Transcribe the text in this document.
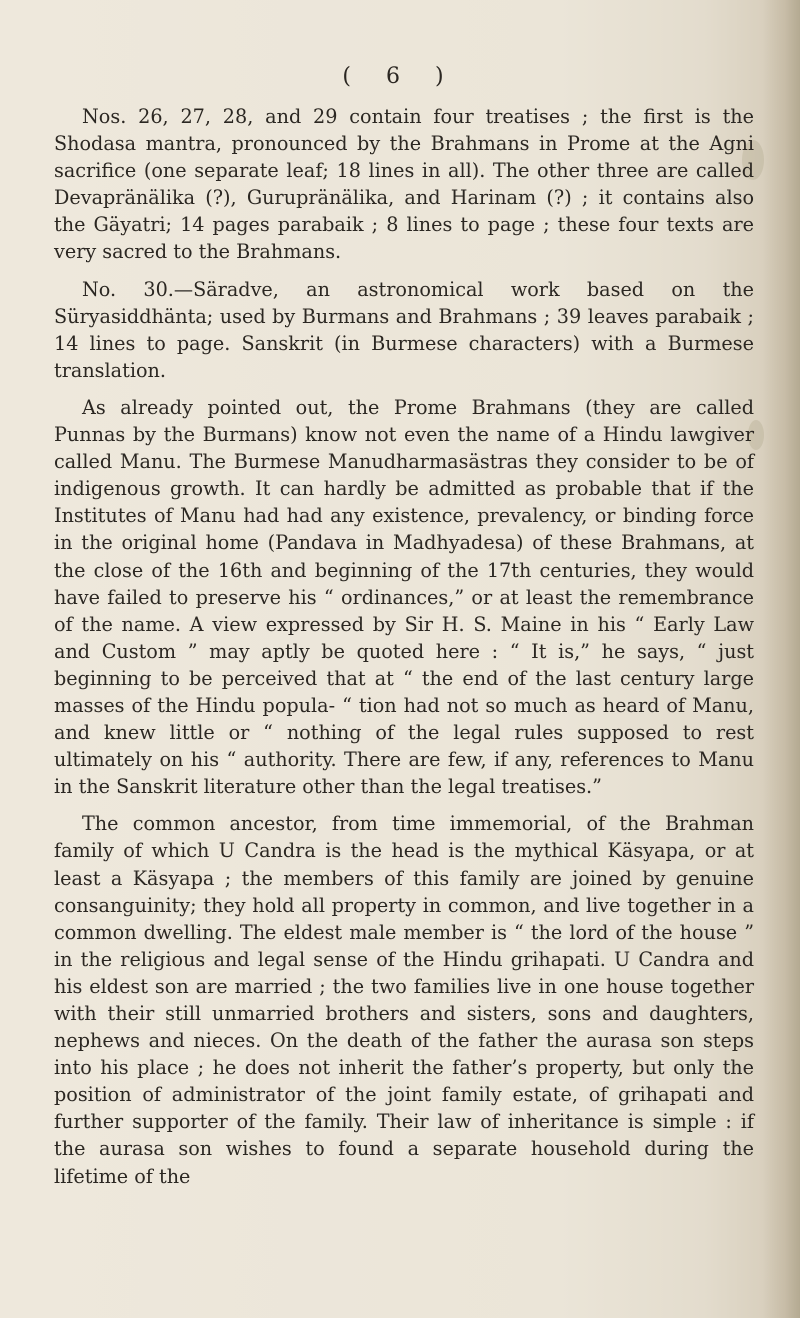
( 6 )

Nos. 26, 27, 28, and 29 contain four treatises ; the first is the Shodasa mantra, pronounced by the Brahmans in Prome at the Agni sacrifice (one separate leaf; 18 lines in all). The other three are called Devapränälika (?), Gurupränälika, and Harinam (?) ; it contains also the Gäyatri; 14 pages parabaik ; 8 lines to page ; these four texts are very sacred to the Brahmans.

No. 30.—Säradve, an astronomical work based on the Süryasiddhänta; used by Burmans and Brahmans ; 39 leaves parabaik ; 14 lines to page. Sanskrit (in Burmese characters) with a Burmese translation.

As already pointed out, the Prome Brahmans (they are called Punnas by the Burmans) know not even the name of a Hindu lawgiver called Manu. The Burmese Manudharmasästras they consider to be of indigenous growth. It can hardly be admitted as probable that if the Institutes of Manu had had any existence, prevalency, or binding force in the original home (Pandava in Madhyadesa) of these Brahmans, at the close of the 16th and beginning of the 17th centuries, they would have failed to preserve his “ ordinances,” or at least the remembrance of the name. A view expressed by Sir H. S. Maine in his “ Early Law and Custom ” may aptly be quoted here : “ It is,” he says, “ just beginning to be perceived that at “ the end of the last century large masses of the Hindu popula- “ tion had not so much as heard of Manu, and knew little or “ nothing of the legal rules supposed to rest ultimately on his “ authority. There are few, if any, references to Manu in the Sanskrit literature other than the legal treatises.”

The common ancestor, from time immemorial, of the Brahman family of which U Candra is the head is the mythical Käsyapa, or at least a Käsyapa ; the members of this family are joined by genuine consanguinity; they hold all property in common, and live together in a common dwelling. The eldest male member is “ the lord of the house ” in the religious and legal sense of the Hindu grihapati. U Candra and his eldest son are married ; the two families live in one house together with their still unmarried brothers and sisters, sons and daughters, nephews and nieces. On the death of the father the aurasa son steps into his place ; he does not inherit the father’s property, but only the position of administrator of the joint family estate, of grihapati and further supporter of the family. Their law of inheritance is simple : if the aurasa son wishes to found a separate household during the lifetime of the
